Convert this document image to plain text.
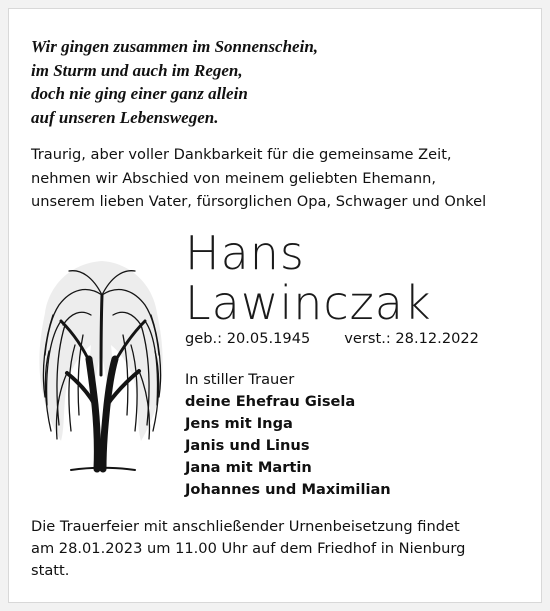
Wir gingen zusammen im Sonnenschein,
im Sturm und auch im Regen,
doch nie ging einer ganz allein
auf unseren Lebenswegen.
Traurig, aber voller Dankbarkeit für die gemeinsame Zeit,
nehmen wir Abschied von meinem geliebten Ehemann,
unserem lieben Vater, fürsorglichen Opa, Schwager und Onkel
Hans
Lawinczak
geb.: 20.05.1945 verst.: 28.12.2022
In stiller Trauer
deine Ehefrau Gisela
Jens mit Inga
Janis und Linus
Jana mit Martin
Johannes und Maximilian
Die Trauerfeier mit anschließender Urnenbeisetzung findet
am 28.01.2023 um 11.00 Uhr auf dem Friedhof in Nienburg
statt.
